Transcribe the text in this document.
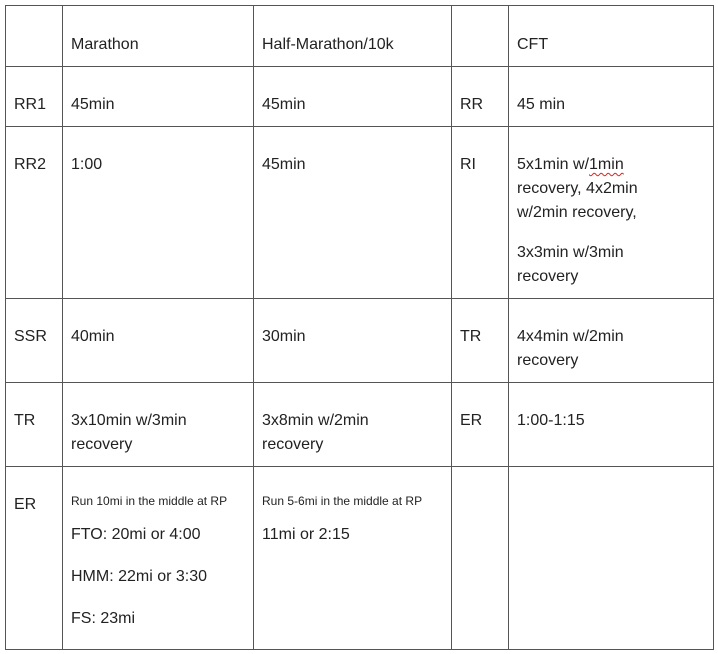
	Marathon	Half-Marathon/10k		CFT

RR1	45min	45min	RR	45 min

RR2	1:00	45min	RI	5x1min w/1min
recovery, 4x2min
w/2min recovery,
3x3min w/3min
recovery

SSR	40min	30min	TR	4x4min w/2min
recovery

TR	3x10min w/3min
recovery	3x8min w/2min
recovery	ER	1:00-1:15

ER	Run 10mi in the middle at RP
FTO: 20mi or 4:00
HMM: 22mi or 3:30
FS: 23mi	Run 5-6mi in the middle at RP
11mi or 2:15		
